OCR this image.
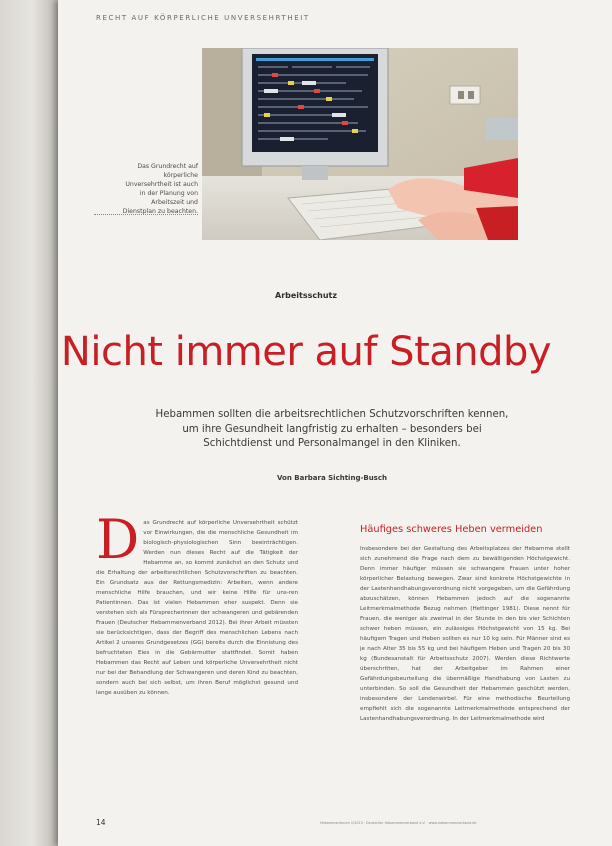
RECHT AUF KÖRPERLICHE UNVERSEHRTHEIT
Das Grundrecht auf körperliche Unversehrtheit ist auch in der Planung von Arbeitszeit und Dienstplan zu beachten.
Arbeitsschutz
Nicht immer auf Standby
Hebammen sollten die arbeitsrechtlichen Schutzvorschriften kennen, um ihre Gesundheit langfristig zu erhalten – besonders bei Schichtdienst und Personalmangel in den Kliniken.
Von Barbara Sichting-Busch
D as Grundrecht auf körperliche Unversehrtheit schützt vor Einwirkungen, die die menschliche Gesundheit im biologisch-physiologischen Sinn beeinträchtigen. Werden nun dieses Recht auf die Tätigkeit der Hebamme an, so kommt zunächst an den Schutz und die Erhaltung der arbeitsrechtlichen Schutzvorschriften zu beachten. Ein Grundsatz aus der Rettungsmedizin: Arbeiten, wenn andere menschliche Hilfe brauchen, und wir keine Hilfe für uns-ren Patientinnen. Das ist vielen Hebammen eher suspekt. Denn sie verstehen sich als Fürsprecherinnen der schwangeren und gebärenden Frauen (Deutscher Hebammenverband 2012). Bei ihrer Arbeit müssten sie berücksichtigen, dass der Begriff des menschlichen Lebens nach Artikel 2 unseres Grundgesetzes (GG) bereits durch die Einnistung des befruchteten Eies in die Gebärmutter stattfindet. Somit haben Hebammen das Recht auf Leben und körperliche Unversehrtheit nicht nur bei der Behandlung der Schwangeren und deren Kind zu beachten, sondern auch bei sich selbst, um ihren Beruf möglichst gesund und lange ausüben zu können.

Häufiges schweres Heben vermeiden

Insbesondere bei der Gestaltung des Arbeitsplatzes der Hebamme stellt sich zunehmend die Frage nach dem zu bewältigenden Höchstgewicht. Denn immer häufiger müssen sie schwangere Frauen unter hoher körperlicher Belastung bewegen. Zwar sind konkrete Höchstgewichte in der Lastenhandhabungsverordnung nicht vorgegeben, um die Gefährdung abzuschätzen, können Hebammen jedoch auf die sogenannte Leitmerkmalmethode Bezug nehmen (Hettinger 1981). Diese nennt für Frauen, die weniger als zweimal in der Stunde in den bis vier Schichten schwer heben müssen, ein zulässiges Höchstgewicht von 15 kg. Bei häufigem Tragen und Heben sollten es nur 10 kg sein. Für Männer sind es je nach Alter 35 bis 55 kg und bei häufigem Heben und Tragen 20 bis 30 kg (Bundesanstalt für Arbeitsschutz 2007). Werden diese Richtwerte überschritten, hat der Arbeitgeber im Rahmen einer Gefährdungsbeurteilung die übermäßige Handhabung von Lasten zu unterbinden. So soll die Gesundheit der Hebammen geschützt werden, insbesondere der Lendenwirbel. Für eine methodische Beurteilung empfiehlt sich die sogenannte Leitmerkmalmethode entsprechend der Lastenhandhabungsverordnung. In der Leitmerkmalmethode wird

14	Hebammenforum 1/2013 · Deutscher Hebammenverband e.V. · www.hebammenverband.de
